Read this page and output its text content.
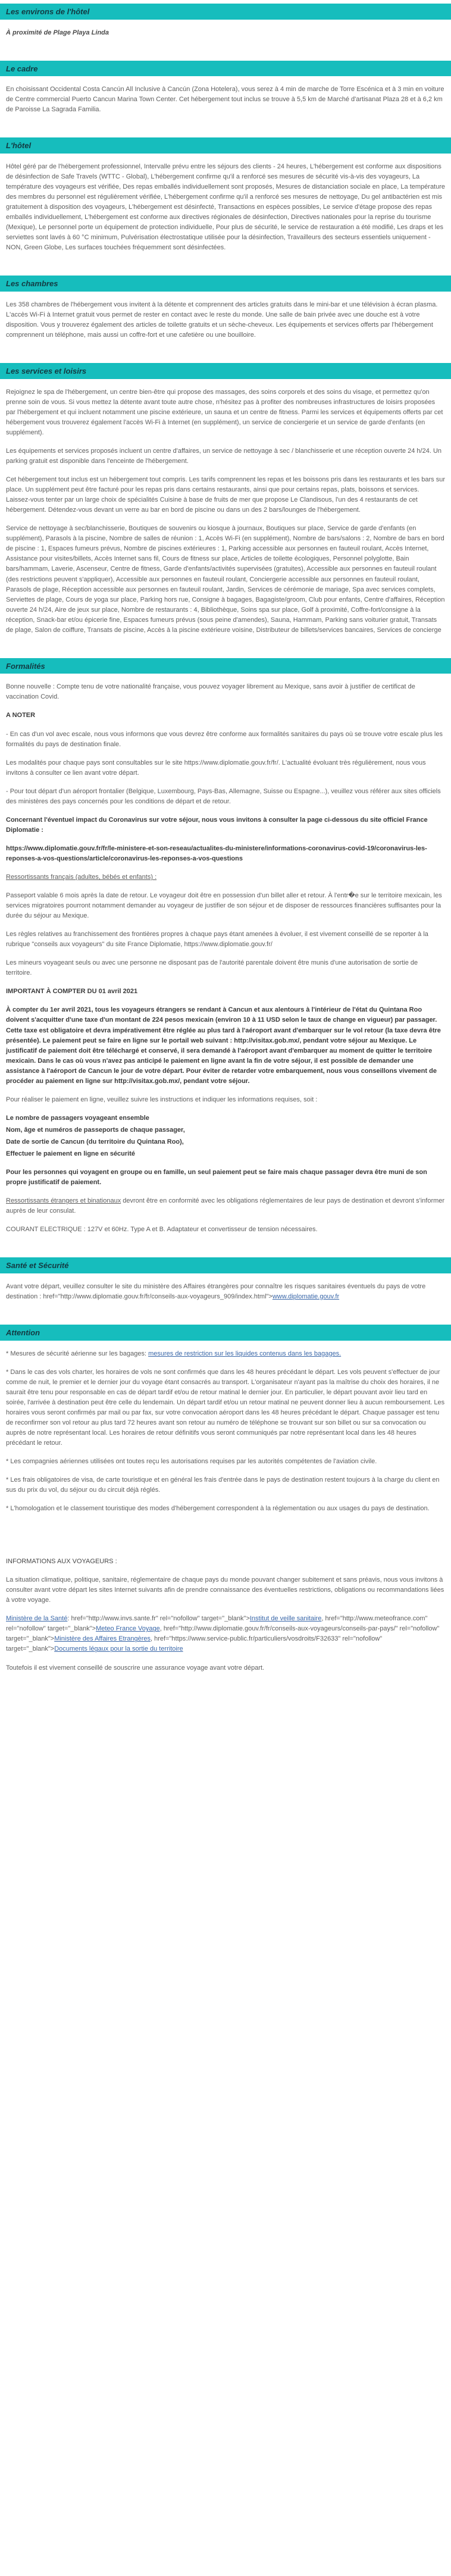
Les environs de l'hôtel

À proximité de Plage Playa Linda

Le cadre

En choisissant Occidental Costa Cancún All Inclusive à Cancún (Zona Hotelera), vous serez à 4 min de marche de Torre Escénica et à 3 min en voiture de Centre commercial Puerto Cancun Marina Town Center. Cet hébergement tout inclus se trouve à 5,5 km de Marché d'artisanat Plaza 28 et à 6,2 km de Paroisse La Sagrada Familia.

L'hôtel

Hôtel géré par de l'hébergement professionnel, Intervalle prévu entre les séjours des clients - 24 heures, L'hébergement est conforme aux dispositions de désinfection de Safe Travels (WTTC - Global), L'hébergement confirme qu'il a renforcé ses mesures de sécurité vis-à-vis des voyageurs, La température des voyageurs est vérifiée, Des repas emballés individuellement sont proposés, Mesures de distanciation sociale en place, La température des membres du personnel est régulièrement vérifiée, L'hébergement confirme qu'il a renforcé ses mesures de nettoyage, Du gel antibactérien est mis gratuitement à disposition des voyageurs, L'hébergement est désinfecté, Transactions en espèces possibles, Le service d'étage propose des repas emballés individuellement, L'hébergement est conforme aux directives régionales de désinfection, Directives nationales pour la reprise du tourisme (Mexique), Le personnel porte un équipement de protection individuelle, Pour plus de sécurité, le service de restauration a été modifié, Les draps et les serviettes sont lavés à 60 °C minimum, Pulvérisation électrostatique utilisée pour la désinfection, Travailleurs des secteurs essentiels uniquement - NON, Green Globe, Les surfaces touchées fréquemment sont désinfectées.

Les chambres

Les 358 chambres de l'hébergement vous invitent à la détente et comprennent des articles gratuits dans le mini-bar et une télévision à écran plasma. L'accès Wi-Fi à Internet gratuit vous permet de rester en contact avec le reste du monde. Une salle de bain privée avec une douche est à votre disposition. Vous y trouverez également des articles de toilette gratuits et un sèche-cheveux. Les équipements et services offerts par l'hébergement comprennent un téléphone, mais aussi un coffre-fort et une cafetière ou une bouilloire.

Les services et loisirs

Rejoignez le spa de l'hébergement, un centre bien-être qui propose des massages, des soins corporels et des soins du visage, et permettez qu'on prenne soin de vous. Si vous mettez la détente avant toute autre chose, n'hésitez pas à profiter des nombreuses infrastructures de loisirs proposées par l'hébergement et qui incluent notamment une piscine extérieure, un sauna et un centre de fitness. Parmi les services et équipements offerts par cet hébergement vous trouverez également l'accès Wi-Fi à Internet (en supplément), un service de conciergerie et un service de garde d'enfants (en supplément).

Les équipements et services proposés incluent un centre d'affaires, un service de nettoyage à sec / blanchisserie et une réception ouverte 24 h/24. Un parking gratuit est disponible dans l'enceinte de l'hébergement.

Cet hébergement tout inclus est un hébergement tout compris. Les tarifs comprennent les repas et les boissons pris dans les restaurants et les bars sur place. Un supplément peut être facturé pour les repas pris dans certains restaurants, ainsi que pour certains repas, plats, boissons et services. Laissez-vous tenter par un large choix de spécialités Cuisine à base de fruits de mer que propose Le Clandisous, l'un des 4 restaurants de cet hébergement. Détendez-vous devant un verre au bar en bord de piscine ou dans un des 2 bars/lounges de l'hébergement.

Service de nettoyage à sec/blanchisserie, Boutiques de souvenirs ou kiosque à journaux, Boutiques sur place, Service de garde d'enfants (en supplément), Parasols à la piscine, Nombre de salles de réunion : 1, Accès Wi-Fi (en supplément), Nombre de bars/salons : 2, Nombre de bars en bord de piscine : 1, Espaces fumeurs prévus, Nombre de piscines extérieures : 1, Parking accessible aux personnes en fauteuil roulant, Accès Internet, Assistance pour visites/billets, Accès Internet sans fil, Cours de fitness sur place, Articles de toilette écologiques, Personnel polyglotte, Bain bars/hammam, Laverie, Ascenseur, Centre de fitness, Garde d'enfants/activités supervisées (gratuites), Accessible aux personnes en fauteuil roulant (des restrictions peuvent s'appliquer), Accessible aux personnes en fauteuil roulant, Conciergerie accessible aux personnes en fauteuil roulant, Parasols de plage, Réception accessible aux personnes en fauteuil roulant, Jardin, Services de cérémonie de mariage, Spa avec services complets, Serviettes de plage, Cours de yoga sur place, Parking hors rue, Consigne à bagages, Bagagiste/groom, Club pour enfants, Centre d'affaires, Réception ouverte 24 h/24, Aire de jeux sur place, Nombre de restaurants : 4, Bibliothèque, Soins spa sur place, Golf à proximité, Coffre-fort/consigne à la réception, Snack-bar et/ou épicerie fine, Espaces fumeurs prévus (sous peine d'amendes), Sauna, Hammam, Parking sans voiturier gratuit, Transats de plage, Salon de coiffure, Transats de piscine, Accès à la piscine extérieure voisine, Distributeur de billets/services bancaires, Services de concierge

Formalités

Bonne nouvelle : Compte tenu de votre nationalité française, vous pouvez voyager librement au Mexique, sans avoir à justifier de certificat de vaccination Covid.

A NOTER

- En cas d'un vol avec escale, nous vous informons que vous devrez être conforme aux formalités sanitaires du pays où se trouve votre escale plus les formalités du pays de destination finale.

Les modalités pour chaque pays sont consultables sur le site https://www.diplomatie.gouv.fr/fr/. L'actualité évoluant très régulièrement, nous vous invitons à consulter ce lien avant votre départ.

- Pour tout départ d'un aéroport frontalier (Belgique, Luxembourg, Pays-Bas, Allemagne, Suisse ou Espagne...), veuillez vous référer aux sites officiels des ministères des pays concernés pour les conditions de départ et de retour.

Concernant l'éventuel impact du Coronavirus sur votre séjour, nous vous invitons à consulter la page ci-dessous du site officiel France Diplomatie :

https://www.diplomatie.gouv.fr/fr/le-ministere-et-son-reseau/actualites-du-ministere/informations-coronavirus-covid-19/coronavirus-les-reponses-a-vos-questions/article/coronavirus-les-reponses-a-vos-questions

Ressortissants français (adultes, bébés et enfants) :

Passeport valable 6 mois après la date de retour. Le voyageur doit être en possession d'un billet aller et retour. À l'entr�e sur le territoire mexicain, les services migratoires pourront notamment demander au voyageur de justifier de son séjour et de disposer de ressources financières suffisantes pour la durée du séjour au Mexique.

Les règles relatives au franchissement des frontières propres à chaque pays étant amenées à évoluer, il est vivement conseillé de se reporter à la rubrique "conseils aux voyageurs" du site France Diplomatie, https://www.diplomatie.gouv.fr/

Les mineurs voyageant seuls ou avec une personne ne disposant pas de l'autorité parentale doivent être munis d'une autorisation de sortie de territoire.

IMPORTANT À COMPTER DU 01 avril 2021

À compter du 1er avril 2021, tous les voyageurs étrangers se rendant à Cancun et aux alentours à l'intérieur de l'état du Quintana Roo doivent s'acquitter d'une taxe d'un montant de 224 pesos mexicain (environ 10 à 11 USD selon le taux de change en vigueur) par passager. Cette taxe est obligatoire et devra impérativement être réglée au plus tard à l'aéroport avant d'embarquer sur le vol retour (la taxe devra être présentée). Le paiement peut se faire en ligne sur le portail web suivant : http://visitax.gob.mx/, pendant votre séjour au Mexique. Le justificatif de paiement doit être téléchargé et conservé, il sera demandé à l'aéroport avant d'embarquer au moment de quitter le territoire mexicain. Dans le cas où vous n'avez pas anticipé le paiement en ligne avant la fin de votre séjour, il est possible de demander une assistance à l'aéroport de Cancun le jour de votre départ. Pour éviter de retarder votre embarquement, nous vous conseillons vivement de procéder au paiement en ligne sur http://visitax.gob.mx/, pendant votre séjour.

Pour réaliser le paiement en ligne, veuillez suivre les instructions et indiquer les informations requises, soit :

Le nombre de passagers voyageant ensemble

Nom, âge et numéros de passeports de chaque passager,

Date de sortie de Cancun (du territoire du Quintana Roo),

Effectuer le paiement en ligne en sécurité

Pour les personnes qui voyagent en groupe ou en famille, un seul paiement peut se faire mais chaque passager devra être muni de son propre justificatif de paiement.

Ressortissants étrangers et binationaux devront être en conformité avec les obligations réglementaires de leur pays de destination et devront s'informer auprès de leur consulat.

COURANT ELECTRIQUE : 127V et 60Hz. Type A et B. Adaptateur et convertisseur de tension nécessaires.

Santé et Sécurité

Avant votre départ, veuillez consulter le site du ministère des Affaires étrangères pour connaître les risques sanitaires éventuels du pays de votre destination : href="http://www.diplomatie.gouv.fr/fr/conseils-aux-voyageurs_909/index.html">www.diplomatie.gouv.fr

Attention

* Mesures de sécurité aérienne sur les bagages: mesures de restriction sur les liquides contenus dans les bagages.

* Dans le cas des vols charter, les horaires de vols ne sont confirmés que dans les 48 heures précédant le départ. Les vols peuvent s'effectuer de jour comme de nuit, le premier et le dernier jour du voyage étant consacrés au transport. L'organisateur n'ayant pas la maîtrise du choix des horaires, il ne saurait être tenu pour responsable en cas de départ tardif et/ou de retour matinal le dernier jour. En particulier, le départ pouvant avoir lieu tard en soirée, l'arrivée à destination peut être celle du lendemain. Un départ tardif et/ou un retour matinal ne peuvent donner lieu à aucun remboursement. Les horaires vous seront confirmés par mail ou par fax, sur votre convocation aéroport dans les 48 heures précédant le départ. Chaque passager est tenu de reconfirmer son vol retour au plus tard 72 heures avant son retour au numéro de téléphone se trouvant sur son billet ou sur sa convocation ou auprès de notre représentant local. Les horaires de retour définitifs vous seront communiqués par notre représentant local dans les 48 heures précédant le retour.

* Les compagnies aériennes utilisées ont toutes reçu les autorisations requises par les autorités compétentes de l'aviation civile.

* Les frais obligatoires de visa, de carte touristique et en général les frais d'entrée dans le pays de destination restent toujours à la charge du client en sus du prix du vol, du séjour ou du circuit déjà réglés.

* L'homologation et le classement touristique des modes d'hébergement correspondent à la réglementation ou aux usages du pays de destination.

INFORMATIONS AUX VOYAGEURS :

La situation climatique, politique, sanitaire, réglementaire de chaque pays du monde pouvant changer subitement et sans préavis, nous vous invitons à consulter avant votre départ les sites Internet suivants afin de prendre connaissance des éventuelles restrictions, obligations ou recommandations liées à votre voyage.

Ministère de la Santé: href="http://www.invs.sante.fr" rel="nofollow" target="_blank">Institut de veille sanitaire, href="http://www.meteofrance.com" rel="nofollow" target="_blank">Meteo France Voyage, href="http://www.diplomatie.gouv.fr/fr/conseils-aux-voyageurs/conseils-par-pays/" rel="nofollow" target="_blank">Ministère des Affaires Etrangères, href="https://www.service-public.fr/particuliers/vosdroits/F32633" rel="nofollow" target="_blank">Documents légaux pour la sortie du territoire

Toutefois il est vivement conseillé de souscrire une assurance voyage avant votre départ.
